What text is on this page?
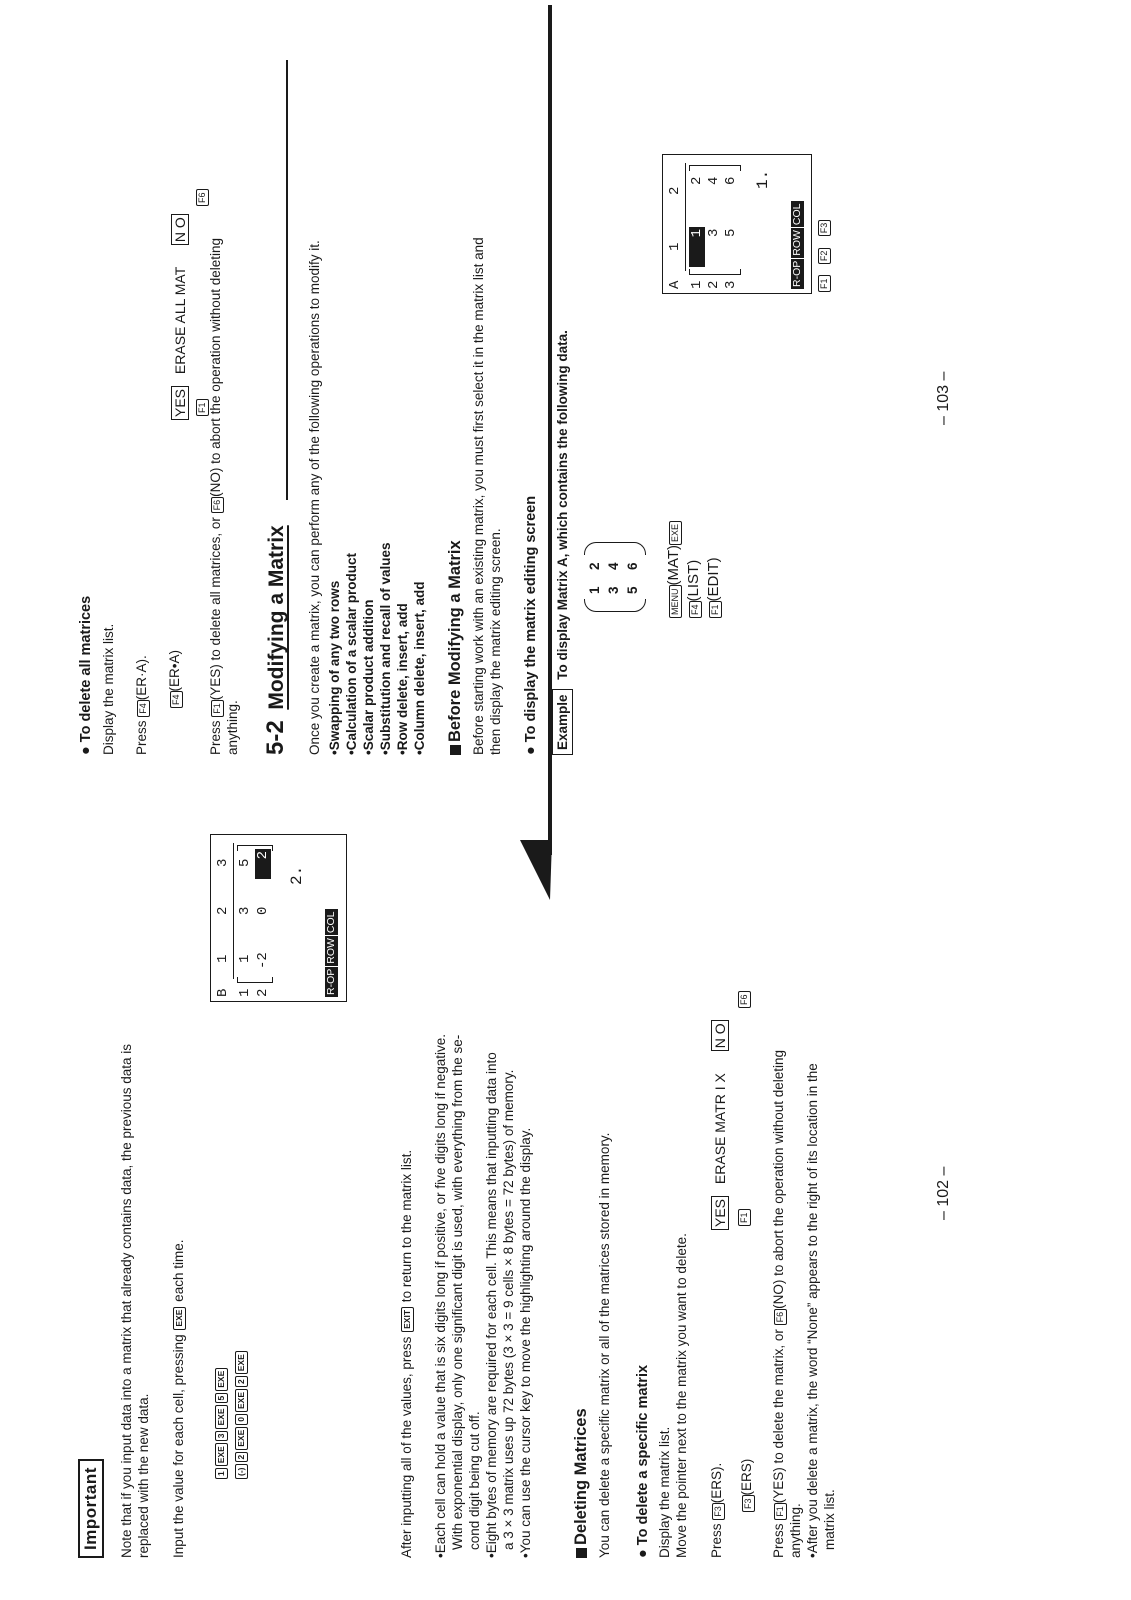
Important Note that if you input data into a matrix that already contains data, the previous data is replaced with the new data. Input the value for each cell, pressing EXE each time.

1EXE3EXE5EXE
(-)2EXE0EXE2EXE
B
1
2
3
1 2
1
3
5
-2
0
2
2.
R-OPROWCOL

After inputting all of the values, press EXIT to return to the matrix list. •Each cell can hold a value that is six digits long if positive, or five digits long if negative. With exponential display, only one significant digit is used, with everything from the se- cond digit being cut off. •Eight bytes of memory are required for each cell. This means that inputting data into a 3 × 3 matrix uses up 72 bytes (3 × 3 = 9 cells × 8 bytes = 72 bytes) of memory. •You can use the cursor key to move the highlighting around the display. Deleting Matrices You can delete a specific matrix or all of the matrices stored in memory. ● To delete a specific matrix Display the matrix list. Move the pointer next to the matrix you want to delete. Press F3(ERS).

F3(ERS)

YES ERASE MATR I X N O
F1
F6

Press F1(YES) to delete the matrix, or F6(NO) to abort the operation without deleting

anything. •After you delete a matrix, the word “None” appears to the right of its location in the matrix list.

– 102 –

● To delete all matrices Display the matrix list. Press F4(ER·A).	F4(ER•A)

YES ERASE ALL MAT N O
F1
F6

Press F1(YES) to delete all matrices, or F6(NO) to abort the operation without deleting

anything. 5-2 Modifying a Matrix Once you create a matrix, you can perform any of the following operations to modify it. •Swapping of any two rows •Calculation of a scalar product •Scalar product addition •Substitution and recall of values •Row delete, insert, add •Column delete, insert, add Before Modifying a Matrix Before starting work with an existing matrix, you must first select it in the matrix list and then display the matrix editing screen. ● To display the matrix editing screen Example To display Matrix A, which contains the following data. 1
2
3
4
5
6

MENU(MAT)EXE

F4(LIST)

F1(EDIT)

A
1
2
1 2 3
1 3 5
2 4 6 1.
R-OPROWCOL
F1 F2 F3
– 103 –
